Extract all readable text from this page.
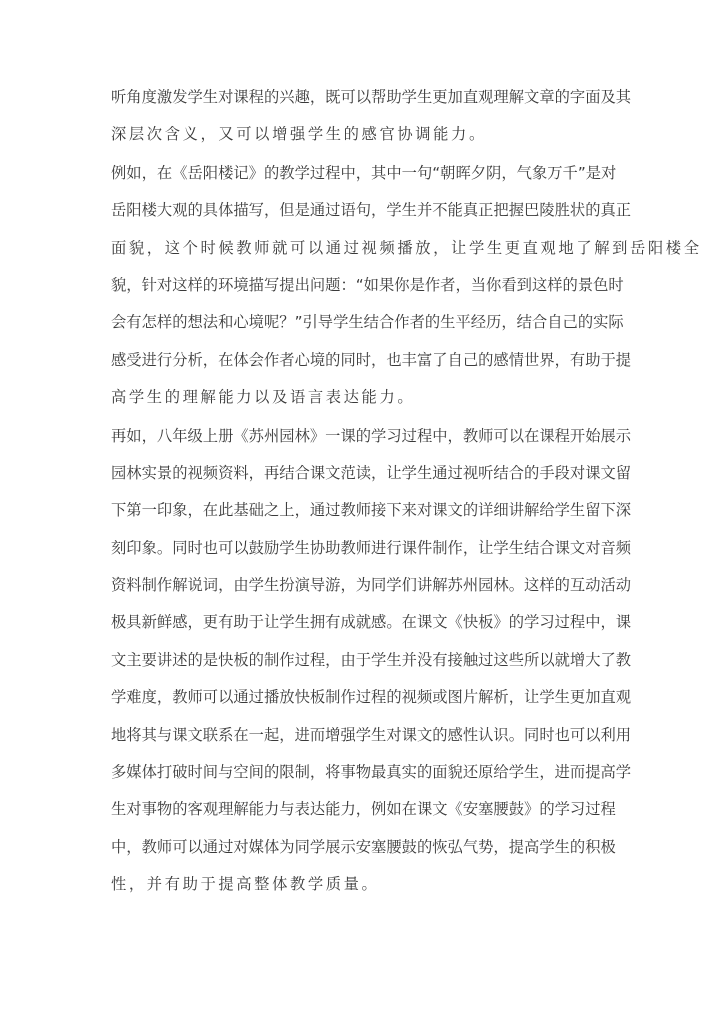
听角度激发学生对课程的兴趣，既可以帮助学生更加直观理解文章的字面及其
深层次含义，又可以增强学生的感官协调能力。
例如，在《岳阳楼记》的教学过程中，其中一句“朝晖夕阴，气象万千”是对
岳阳楼大观的具体描写，但是通过语句，学生并不能真正把握巴陵胜状的真正
面貌，这个时候教师就可以通过视频播放，让学生更直观地了解到岳阳楼全
貌，针对这样的环境描写提出问题：“如果你是作者，当你看到这样的景色时
会有怎样的想法和心境呢？”引导学生结合作者的生平经历，结合自己的实际
感受进行分析，在体会作者心境的同时，也丰富了自己的感情世界，有助于提
高学生的理解能力以及语言表达能力。
再如，八年级上册《苏州园林》一课的学习过程中，教师可以在课程开始展示
园林实景的视频资料，再结合课文范读，让学生通过视听结合的手段对课文留
下第一印象，在此基础之上，通过教师接下来对课文的详细讲解给学生留下深
刻印象。同时也可以鼓励学生协助教师进行课件制作，让学生结合课文对音频
资料制作解说词，由学生扮演导游，为同学们讲解苏州园林。这样的互动活动
极具新鲜感，更有助于让学生拥有成就感。在课文《快板》的学习过程中，课
文主要讲述的是快板的制作过程，由于学生并没有接触过这些所以就增大了教
学难度，教师可以通过播放快板制作过程的视频或图片解析，让学生更加直观
地将其与课文联系在一起，进而增强学生对课文的感性认识。同时也可以利用
多媒体打破时间与空间的限制，将事物最真实的面貌还原给学生，进而提高学
生对事物的客观理解能力与表达能力，例如在课文《安塞腰鼓》的学习过程
中，教师可以通过对媒体为同学展示安塞腰鼓的恢弘气势，提高学生的积极
性，并有助于提高整体教学质量。
